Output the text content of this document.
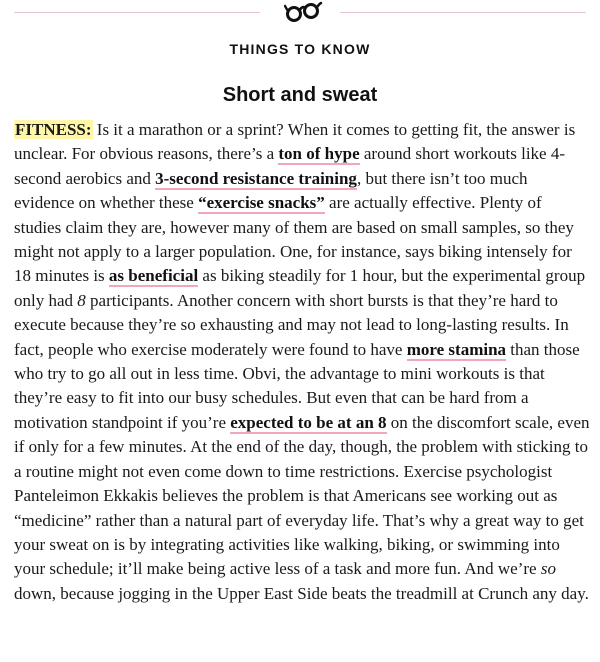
THINGS TO KNOW
Short and sweat

FITNESS: Is it a marathon or a sprint? When it comes to getting fit, the answer is unclear. For obvious reasons, there’s a ton of hype around short workouts like 4-second aerobics and 3-second resistance training, but there isn’t too much evidence on whether these “exercise snacks” are actually effective. Plenty of studies claim they are, however many of them are based on small samples, so they might not apply to a larger population. One, for instance, says biking intensely for 18 minutes is as beneficial as biking steadily for 1 hour, but the experimental group only had 8 participants. Another concern with short bursts is that they’re hard to execute because they’re so exhausting and may not lead to long-lasting results. In fact, people who exercise moderately were found to have more stamina than those who try to go all out in less time. Obvi, the advantage to mini workouts is that they’re easy to fit into our busy schedules. But even that can be hard from a motivation standpoint if you’re expected to be at an 8 on the discomfort scale, even if only for a few minutes. At the end of the day, though, the problem with sticking to a routine might not even come down to time restrictions. Exercise psychologist Panteleimon Ekkakis believes the problem is that Americans see working out as “medicine” rather than a natural part of everyday life. That’s why a great way to get your sweat on is by integrating activities like walking, biking, or swimming into your schedule; it’ll make being active less of a task and more fun. And we’re so down, because jogging in the Upper East Side beats the treadmill at Crunch any day.
